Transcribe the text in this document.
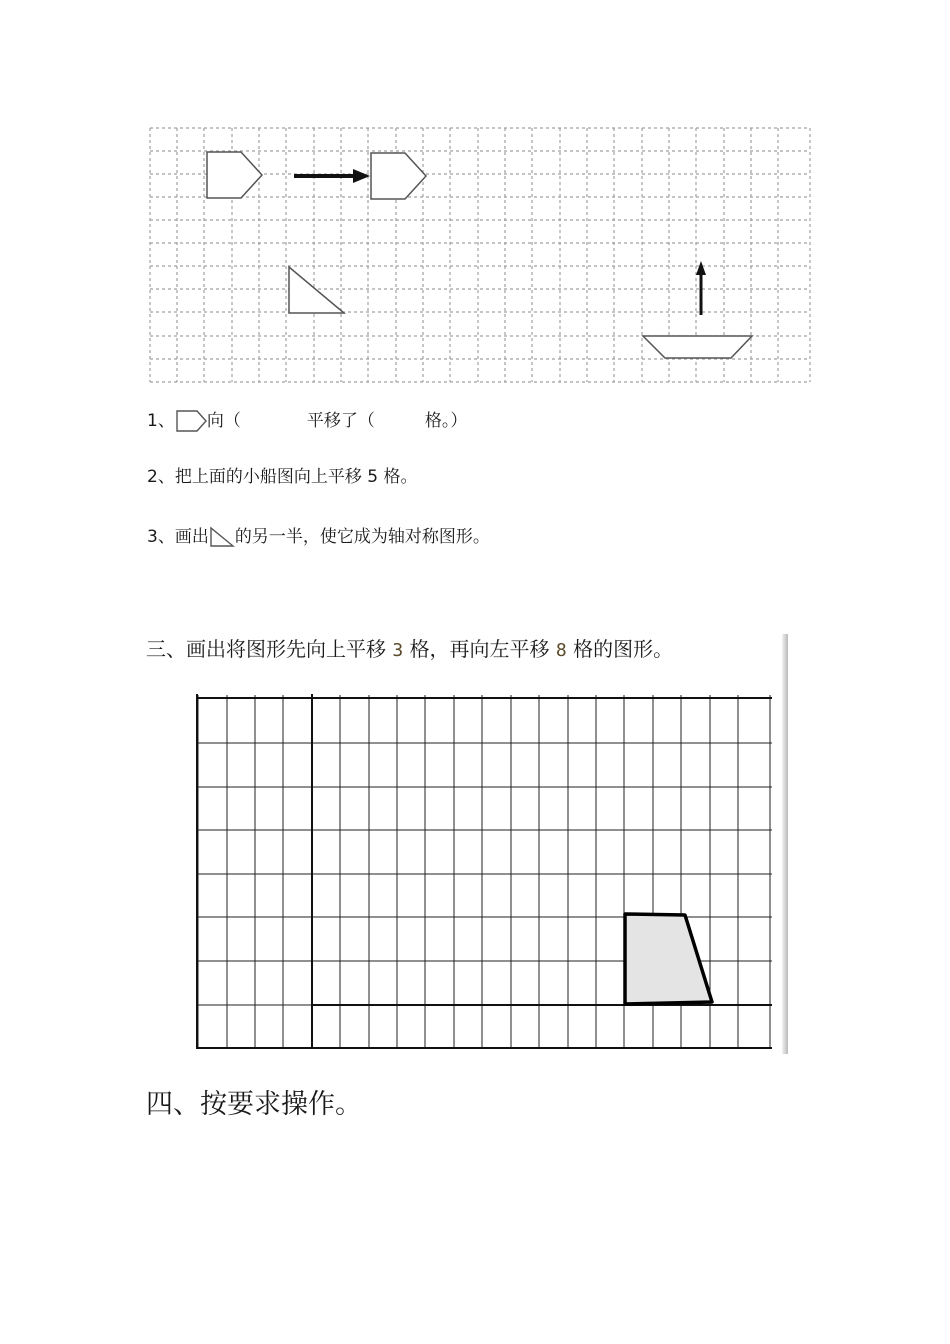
1、 向（	平移了（	格。）
2、把上面的小船图向上平移 5 格。
3、 画出 的另一半，使它成为轴对称图形。
三、画出将图形先向上平移 3 格，再向左平移 8 格的图形。
四、按要求操作。
